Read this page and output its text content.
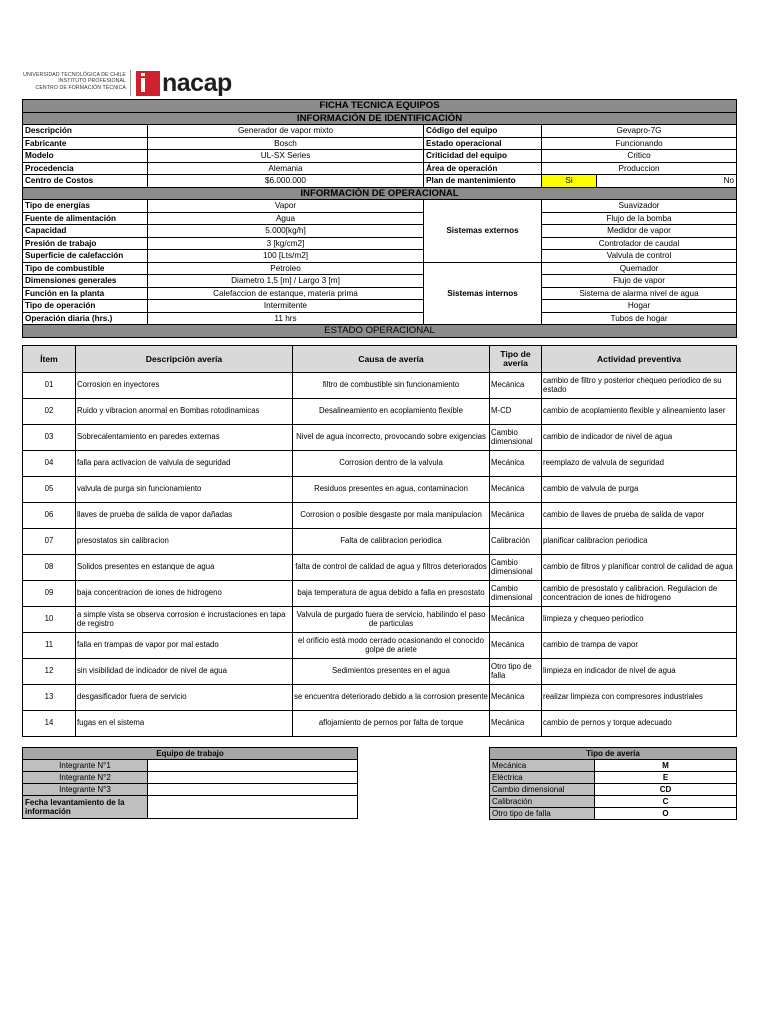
UNIVERSIDAD TECNOLÓGICA DE CHILE
INSTITUTO PROFESIONAL
CENTRO DE FORMACIÓN TÉCNICA nacap
FICHA TECNICA EQUIPOS				
INFORMACIÓN DE IDENTIFICACIÓN				
Descripción	Generador de vapor mixto	Código del equipo	Gevapro-7G	
Fabricante	Bosch	Estado operacional	Funcionando	
Modelo	UL-SX Series	Criticidad del equipo	Critico	
Procedencia	Alemania	Área de operación	Produccion	
Centro de Costos	$6.000.000	Plan de mantenimiento	Si	No
INFORMACIÓN DE OPERACIONAL				
Tipo de energías	Vapor	Sistemas externos	Suavizador	
Fuente de alimentación	Agua		Flujo de la bomba	
Capacidad	5.000[kg/h]		Medidor de vapor	
Presión de trabajo	3 [kg/cm2]		Controlador de caudal	
Superficie de calefacción	100 [Lts/m2]		Valvula de control	
Tipo de combustible	Petroleo	Sistemas internos	Quemador	
Dimensiones generales	Diametro 1,5 [m] / Largo 3 [m]		Flujo de vapor	
Función en la planta	Calefaccion de estanque, materia prima		Sistema de alarma nivel de agua	
Tipo de operación	Intermitente		Hogar	
Operación diaria (hrs.)	11 hrs		Tubos de hogar	
ESTADO OPERACIONAL				
Ítem	Descripción avería	Causa de avería	Tipo de avería	Actividad preventiva
01	Corrosion en inyectores	filtro de combustible sin funcionamiento	Mecánica	cambio de filtro y posterior chequeo periodico de su estado
02	Ruido y vibracion anormal en Bombas rotodinamicas	Desalineamiento en acoplamiento flexible	M-CD	cambio de acoplamiento flexible y alineamiento laser
03	Sobrecalentamiento en paredes externas	Nivel de agua incorrecto, provocando sobre exigencias	Cambio dimensional	cambio de indicador de nivel de agua
04	falla para activacion de valvula de seguridad	Corrosion dentro de la valvula	Mecánica	reemplazo de valvula de seguridad
05	valvula de purga sin funcionamiento	Residuos presentes en agua, contaminacion	Mecánica	cambio de valvula de purga
06	llaves de prueba de salida de vapor dañadas	Corrosion o posible desgaste por mala manipulacion	Mecánica	cambio de llaves de prueba de salida de vapor
07	presostatos sin calibracion	Falta de calibracion periodica	Calibración	planificar calibracion periodica
08	Solidos presentes en estanque de agua	falta de control de calidad de agua y filtros deteriorados	Cambio dimensional	cambio de filtros y planificar control de calidad de agua
09	baja concentracion de iones de hidrogeno	baja temperatura de agua debido a falla en presostato	Cambio dimensional	cambio de presostato y calibracion. Regulacion de concentracion de iones de hidrogeno
10	a simple vista se observa corrosion e incrustaciones en tapa de registro	Valvula de purgado fuera de servicio, habilindo el paso de particulas	Mecánica	limpieza y chequeo periodico
11	falla en trampas de vapor por mal estado	el orificio está modo cerrado ocasionando el conocido golpe de ariete	Mecánica	cambio de trampa de vapor
12	sin visibilidad de indicador de nivel de agua	Sedimientos presentes en el agua	Otro tipo de falla	limpieza en indicador de nivel de agua
13	desgasificador fuera de servicio	se encuentra deteriorado debido a la corrosion presente	Mecánica	realizar limpieza con compresores industriales
14	fugas en el sistema	aflojamiento de pernos por falta de torque	Mecánica	cambio de pernos y torque adecuado
Equipo de trabajo	
Integrante N°1	
Integrante N°2	
Integrante N°3	
Fecha levantamiento de la información	
Tipo de avería	
Mecánica	M
Eléctrica	E
Cambio dimensional	CD
Calibración	C
Otro tipo de falla	O
